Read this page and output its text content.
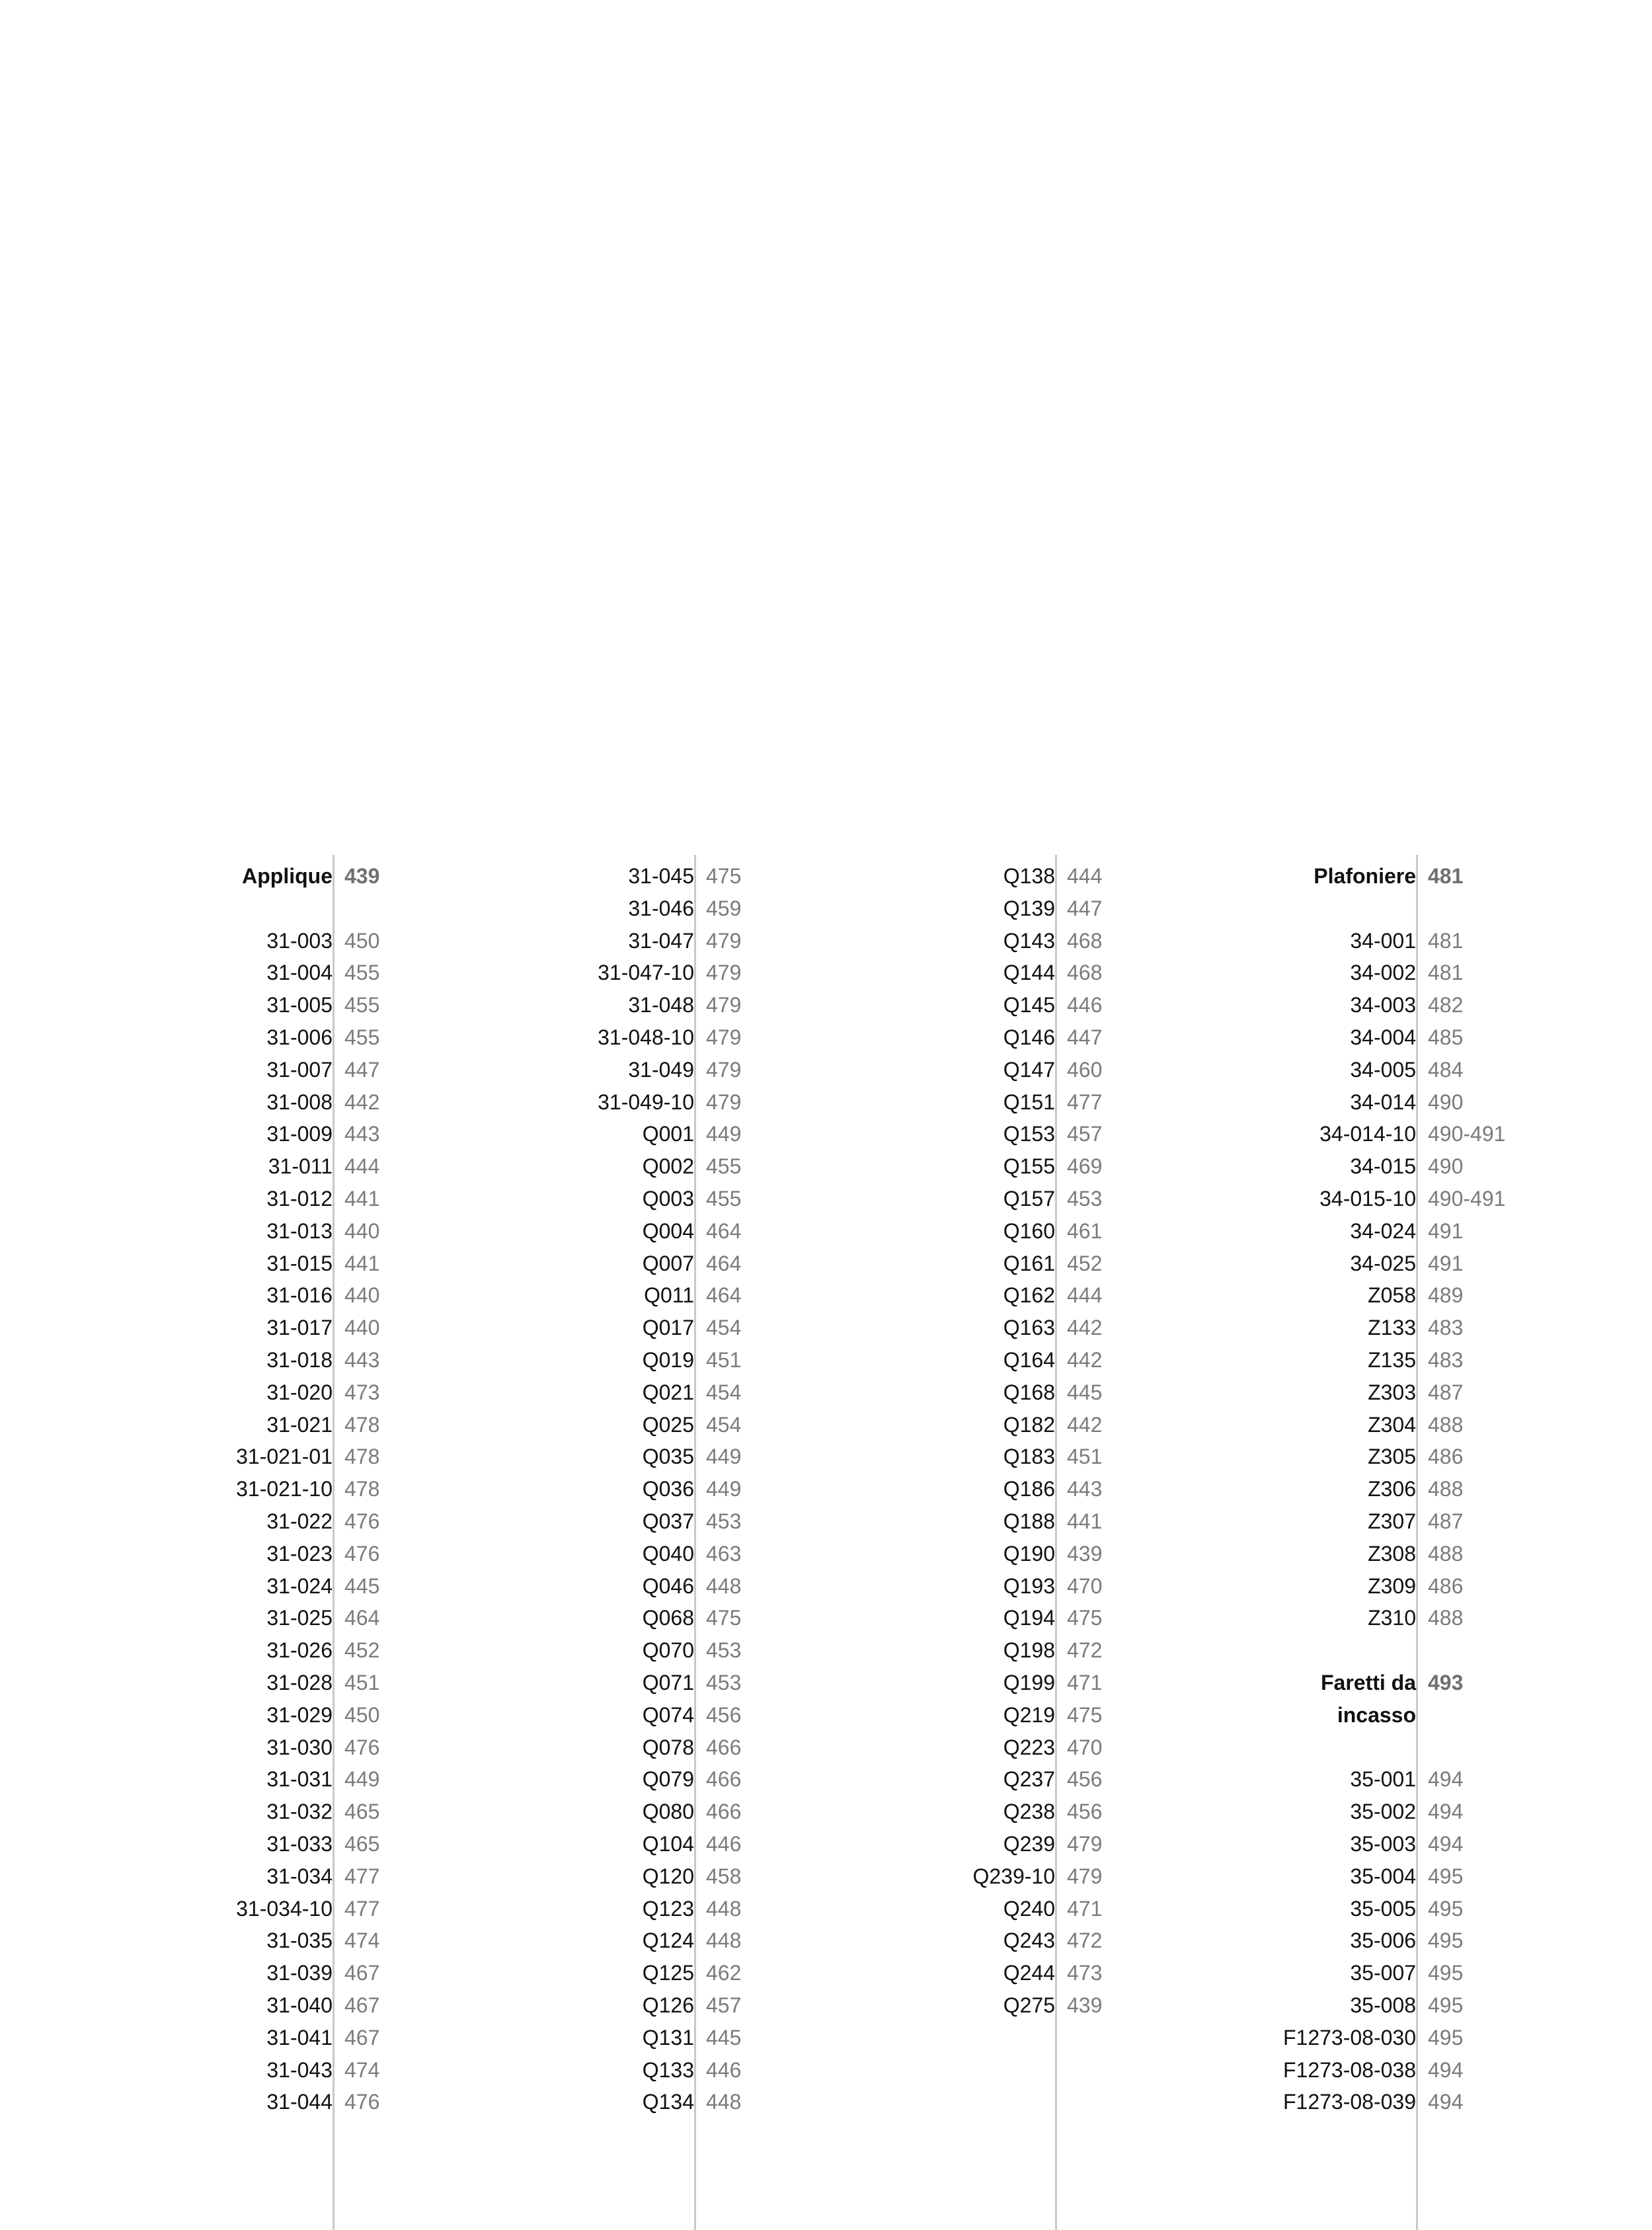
Applique 439
31-003 450
31-004 455
31-005 455
31-006 455
31-007 447
31-008 442
31-009 443
31-011 444
31-012 441
31-013 440
31-015 441
31-016 440
31-017 440
31-018 443
31-020 473
31-021 478
31-021-01 478
31-021-10 478
31-022 476
31-023 476
31-024 445
31-025 464
31-026 452
31-028 451
31-029 450
31-030 476
31-031 449
31-032 465
31-033 465
31-034 477
31-034-10 477
31-035 474
31-039 467
31-040 467
31-041 467
31-043 474
31-044 476
31-045 475
31-046 459
31-047 479
31-047-10 479
31-048 479
31-048-10 479
31-049 479
31-049-10 479
Q001 449
Q002 455
Q003 455
Q004 464
Q007 464
Q011 464
Q017 454
Q019 451
Q021 454
Q025 454
Q035 449
Q036 449
Q037 453
Q040 463
Q046 448
Q068 475
Q070 453
Q071 453
Q074 456
Q078 466
Q079 466
Q080 466
Q104 446
Q120 458
Q123 448
Q124 448
Q125 462
Q126 457
Q131 445
Q133 446
Q134 448
Q138 444
Q139 447
Q143 468
Q144 468
Q145 446
Q146 447
Q147 460
Q151 477
Q153 457
Q155 469
Q157 453
Q160 461
Q161 452
Q162 444
Q163 442
Q164 442
Q168 445
Q182 442
Q183 451
Q186 443
Q188 441
Q190 439
Q193 470
Q194 475
Q198 472
Q199 471
Q219 475
Q223 470
Q237 456
Q238 456
Q239 479
Q239-10 479
Q240 471
Q243 472
Q244 473
Q275 439
Plafoniere 481
34-001 481
34-002 481
34-003 482
34-004 485
34-005 484
34-014 490
34-014-10 490-491
34-015 490
34-015-10 490-491
34-024 491
34-025 491
Z058 489
Z133 483
Z135 483
Z303 487
Z304 488
Z305 486
Z306 488
Z307 487
Z308 488
Z309 486
Z310 488
Faretti da 493
incasso
35-001 494
35-002 494
35-003 494
35-004 495
35-005 495
35-006 495
35-007 495
35-008 495
F1273-08-030 495
F1273-08-038 494
F1273-08-039 494
